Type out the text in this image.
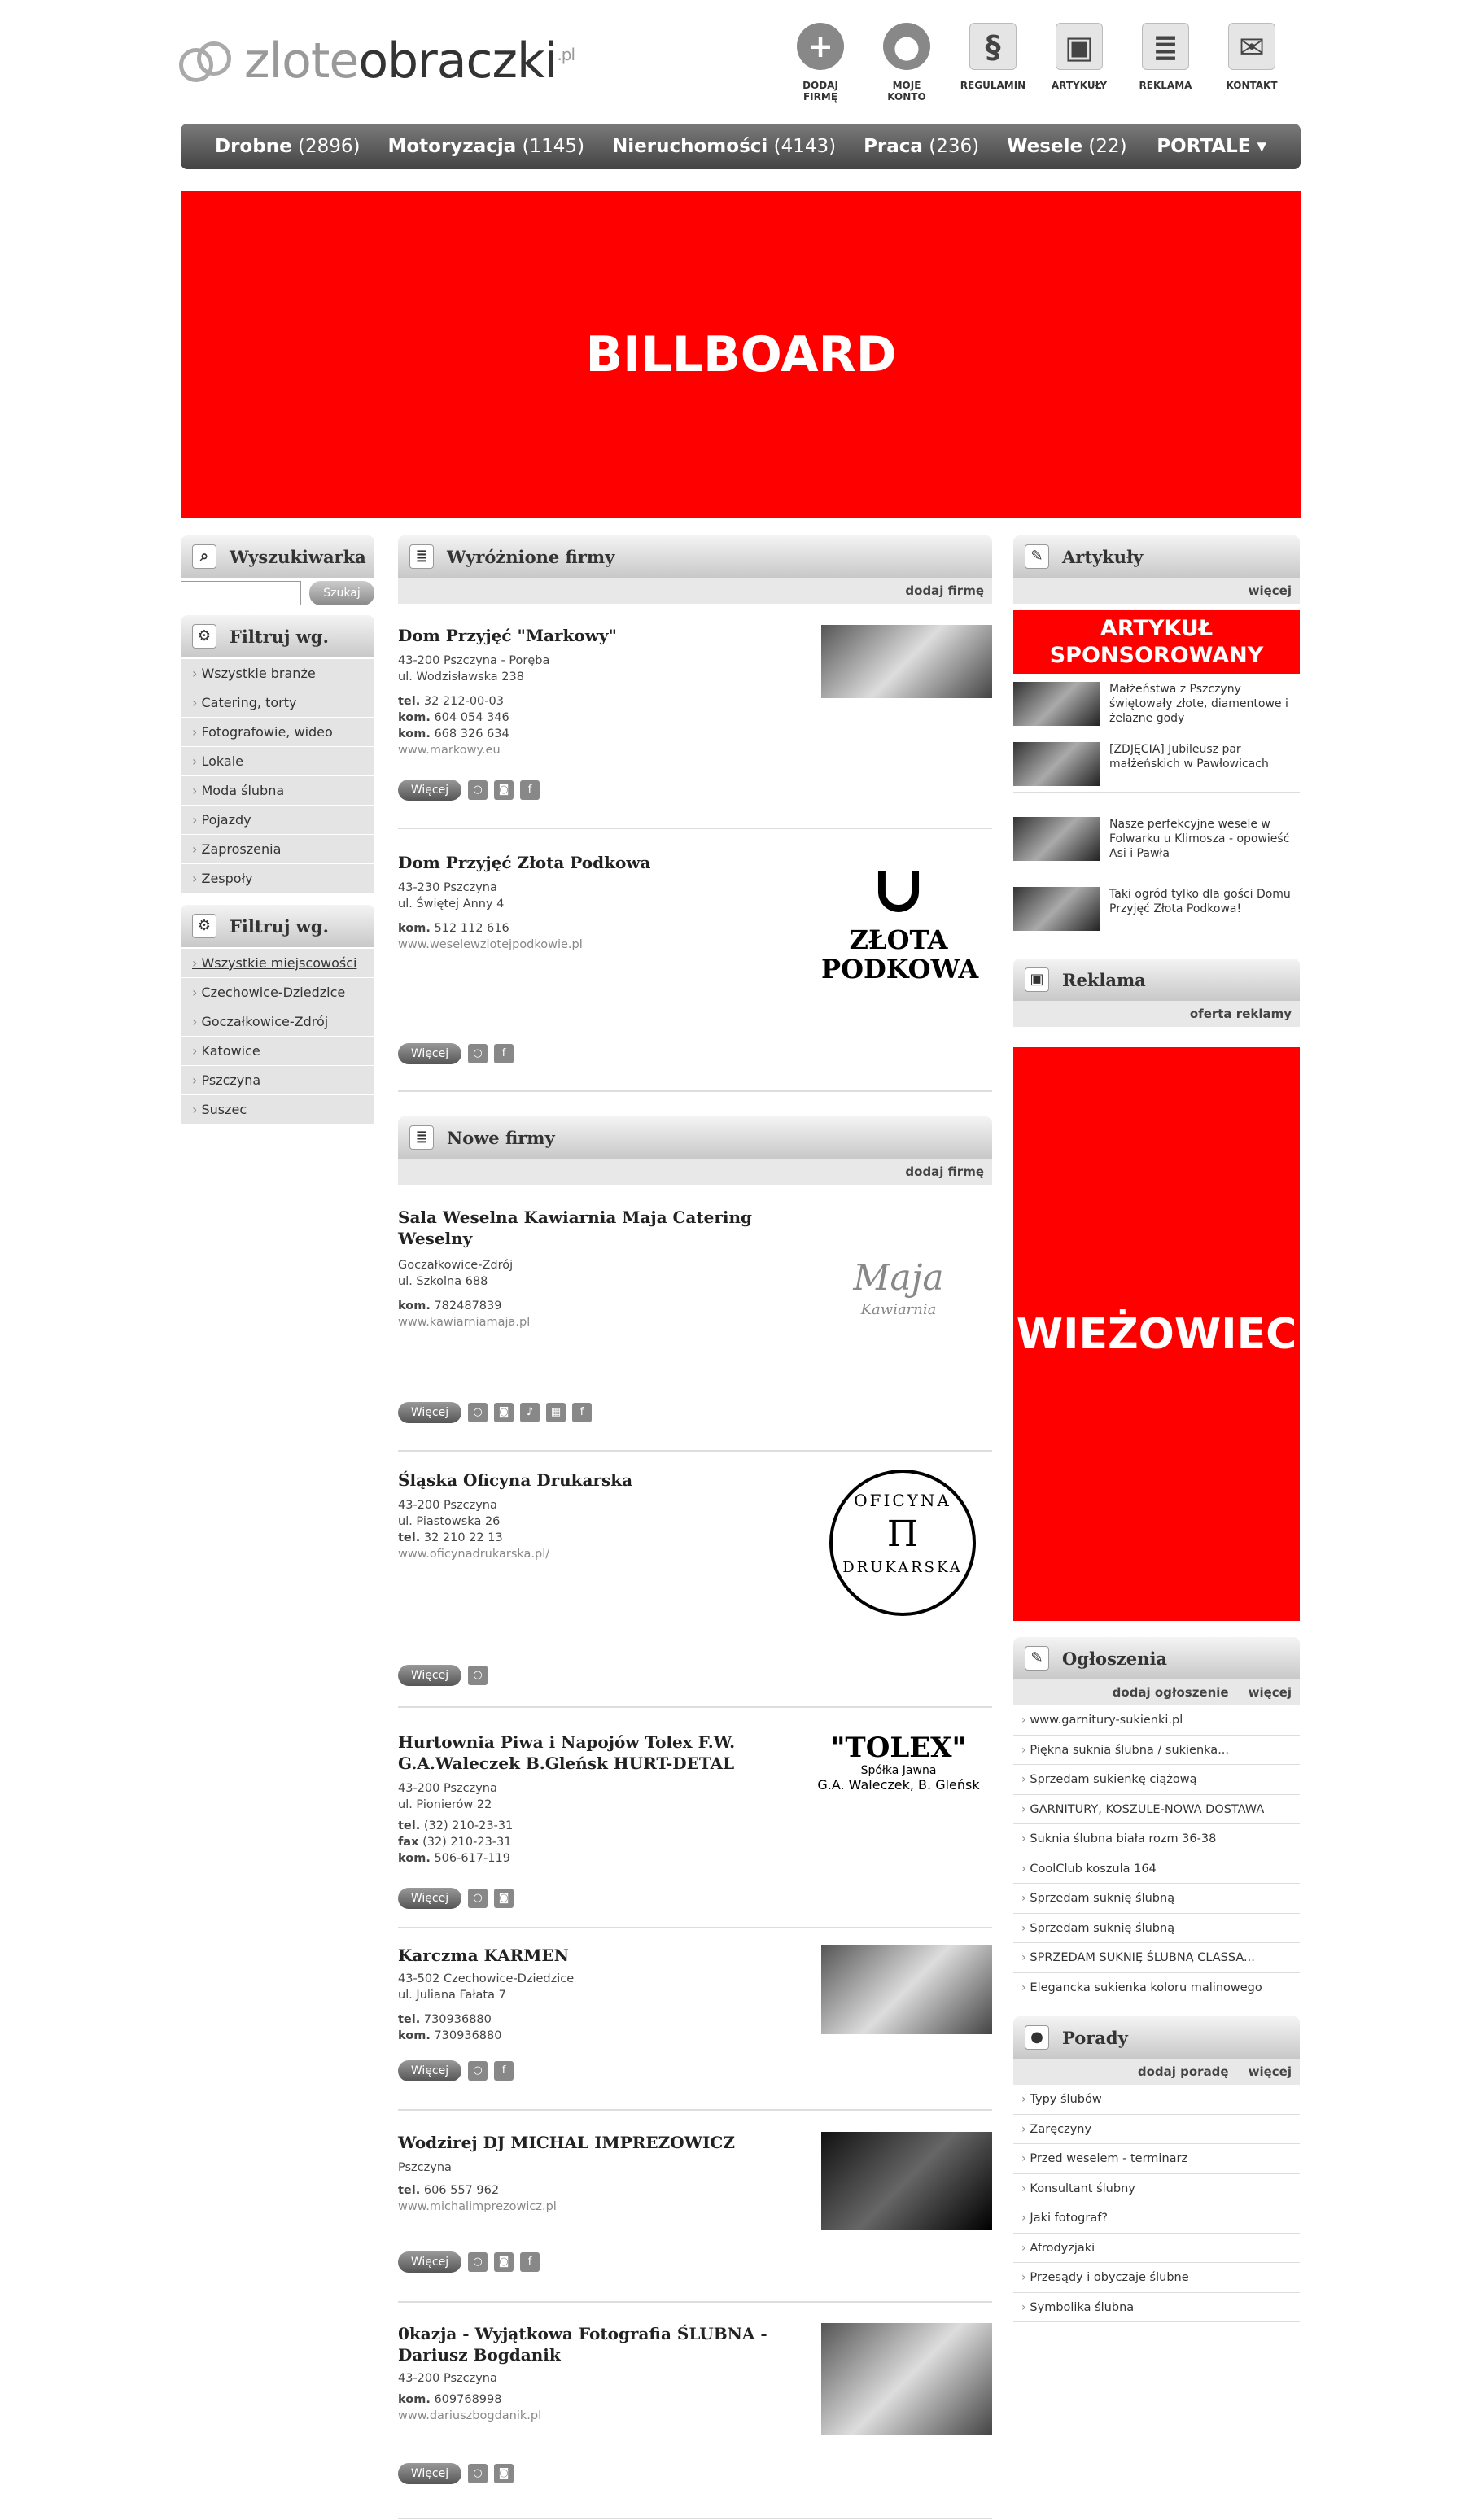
zloteobraczki$^{.pl}$	+
DODAJ FIRMĘ
●
MOJE KONTO
§
REGULAMIN
▣
ARTYKUŁY
≣
REKLAMA
✉
KONTAKT
Drobne (2896) Motoryzacja (1145) Nieruchomości (4143) Praca (236) Wesele (22) PORTALE ▾
BILLBOARD
⌕	Wyszukiwarka
Szukaj
⚙	Filtruj wg.
› Wszystkie branże
› Catering, torty
› Fotografowie, wideo
› Lokale
› Moda ślubna
› Pojazdy
› Zaproszenia
› Zespoły
⚙	Filtruj wg.
› Wszystkie miejscowości
› Czechowice-Dziedzice
› Goczałkowice-Zdrój
› Katowice
› Pszczyna
› Suszec
≣	Wyróżnione firmy
dodaj firmę
Dom Przyjęć "Markowy"
43-200 Pszczyna - Poręba
ul. Wodzisławska 238
tel. 32 212-00-03
kom. 604 054 346
kom. 668 326 634
www.markowy.eu
Więcej	○	◙	f
Dom Przyjęć Złota Podkowa
43-230 Pszczyna
ul. Świętej Anny 4
kom. 512 112 616
www.weselewzlotejpodkowie.pl
∪
ZŁOTA
PODKOWA
Więcej	○	f
≣	Nowe firmy
dodaj firmę
Sala Weselna Kawiarnia Maja Catering Weselny
Goczałkowice-Zdrój
ul. Szkolna 688
kom. 782487839
www.kawiarniamaja.pl
Maja
Kawiarnia
Więcej	○	◙	♪	▦	f
Śląska Oficyna Drukarska
43-200 Pszczyna
ul. Piastowska 26
tel. 32 210 22 13
www.oficynadrukarska.pl/
OFICYNA
Π
DRUKARSKA
Więcej	○
Hurtownia Piwa i Napojów Tolex F.W. G.A.Waleczek B.Gleńsk HURT-DETAL
43-200 Pszczyna
ul. Pionierów 22
tel. (32) 210-23-31
fax (32) 210-23-31
kom. 506-617-119
"TOLEX"
Spółka Jawna
G.A. Waleczek, B. Gleńsk
Więcej	○	◙
Karczma KARMEN
43-502 Czechowice-Dziedzice
ul. Juliana Fałata 7
tel. 730936880
kom. 730936880
Więcej	○	f
Wodzirej DJ MICHAL IMPREZOWICZ
Pszczyna
tel. 606 557 962
www.michalimprezowicz.pl
Więcej	○	◙	f
0kazja - Wyjątkowa Fotografia ŚLUBNA - Dariusz Bogdanik
43-200 Pszczyna
kom. 609768998
www.dariuszbogdanik.pl
Więcej	○	◙
✎	Artykuły
więcej
ARTYKUŁ SPONSOROWANY
Małżeństwa z Pszczyny świętowały złote, diamentowe i żelazne gody
[ZDJĘCIA] Jubileusz par małżeńskich w Pawłowicach
Nasze perfekcyjne wesele w Folwarku u Klimosza - opowieść Asi i Pawła
Taki ogród tylko dla gości Domu Przyjęć Złota Podkowa!
▣	Reklama
oferta reklamy
WIEŻOWIEC
✎	Ogłoszenia
dodaj ogłoszenie więcej
› www.garnitury-sukienki.pl
› Piękna suknia ślubna / sukienka...
› Sprzedam sukienkę ciążową
› GARNITURY, KOSZULE-NOWA DOSTAWA
› Suknia ślubna biała rozm 36-38
› CoolClub koszula 164
› Sprzedam suknię ślubną
› Sprzedam suknię ślubną
› SPRZEDAM SUKNIĘ ŚLUBNĄ CLASSA...
› Elegancka sukienka koloru malinowego
●	Porady
dodaj poradę więcej
› Typy ślubów
› Zaręczyny
› Przed weselem - terminarz
› Konsultant ślubny
› Jaki fotograf?
› Afrodyzjaki
› Przesądy i obyczaje ślubne
› Symbolika ślubna
